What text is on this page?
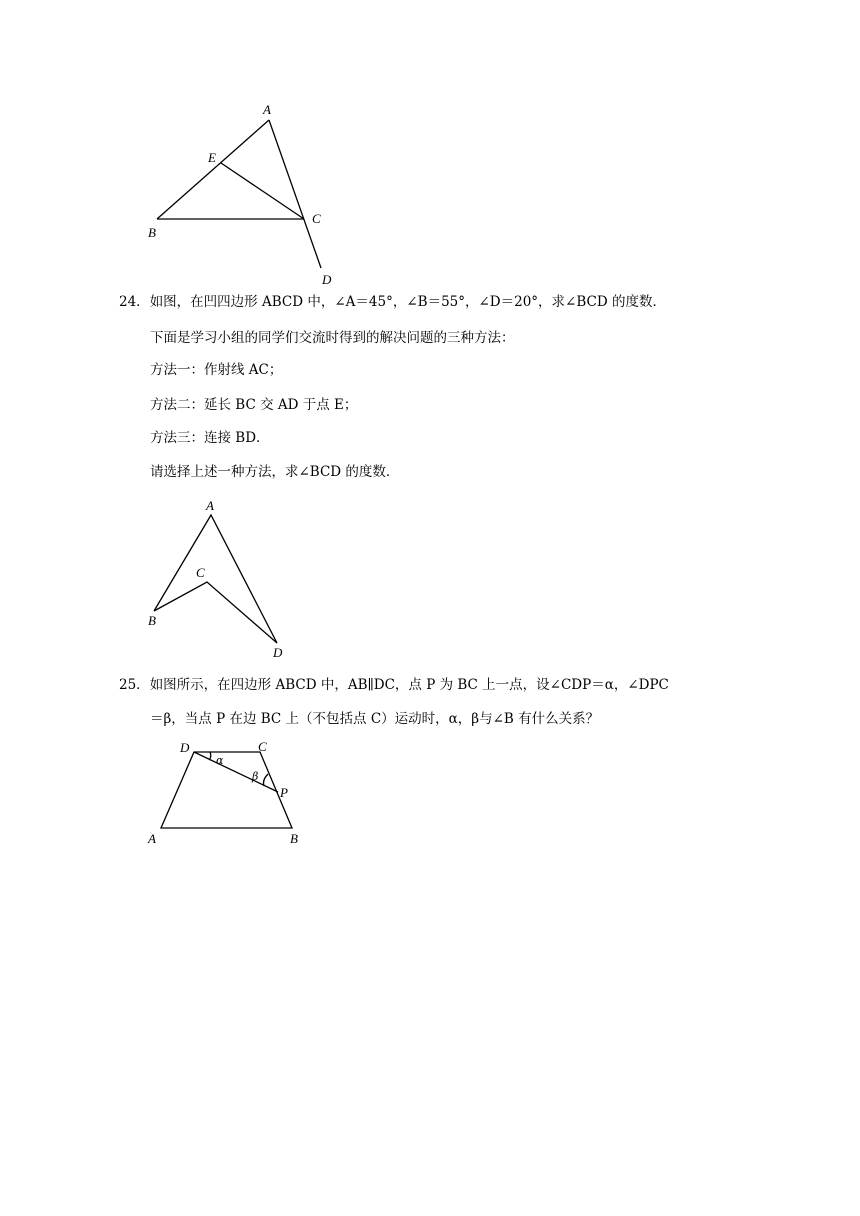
A
E
B
C
D
24．如图，在凹四边形 ABCD 中，∠A＝45°，∠B＝55°，∠D＝20°，求∠BCD 的度数．
下面是学习小组的同学们交流时得到的解决问题的三种方法：
方法一：作射线 AC；
方法二：延长 BC 交 AD 于点 E；
方法三：连接 BD．
请选择上述一种方法，求∠BCD 的度数．
A
C
B
D
25．如图所示，在四边形 ABCD 中，AB∥DC，点 P 为 BC 上一点，设∠CDP＝α，∠DPC
＝β，当点 P 在边 BC 上（不包括点 C）运动时，α，β与∠B 有什么关系？
D	C
α
β
P
A	B
